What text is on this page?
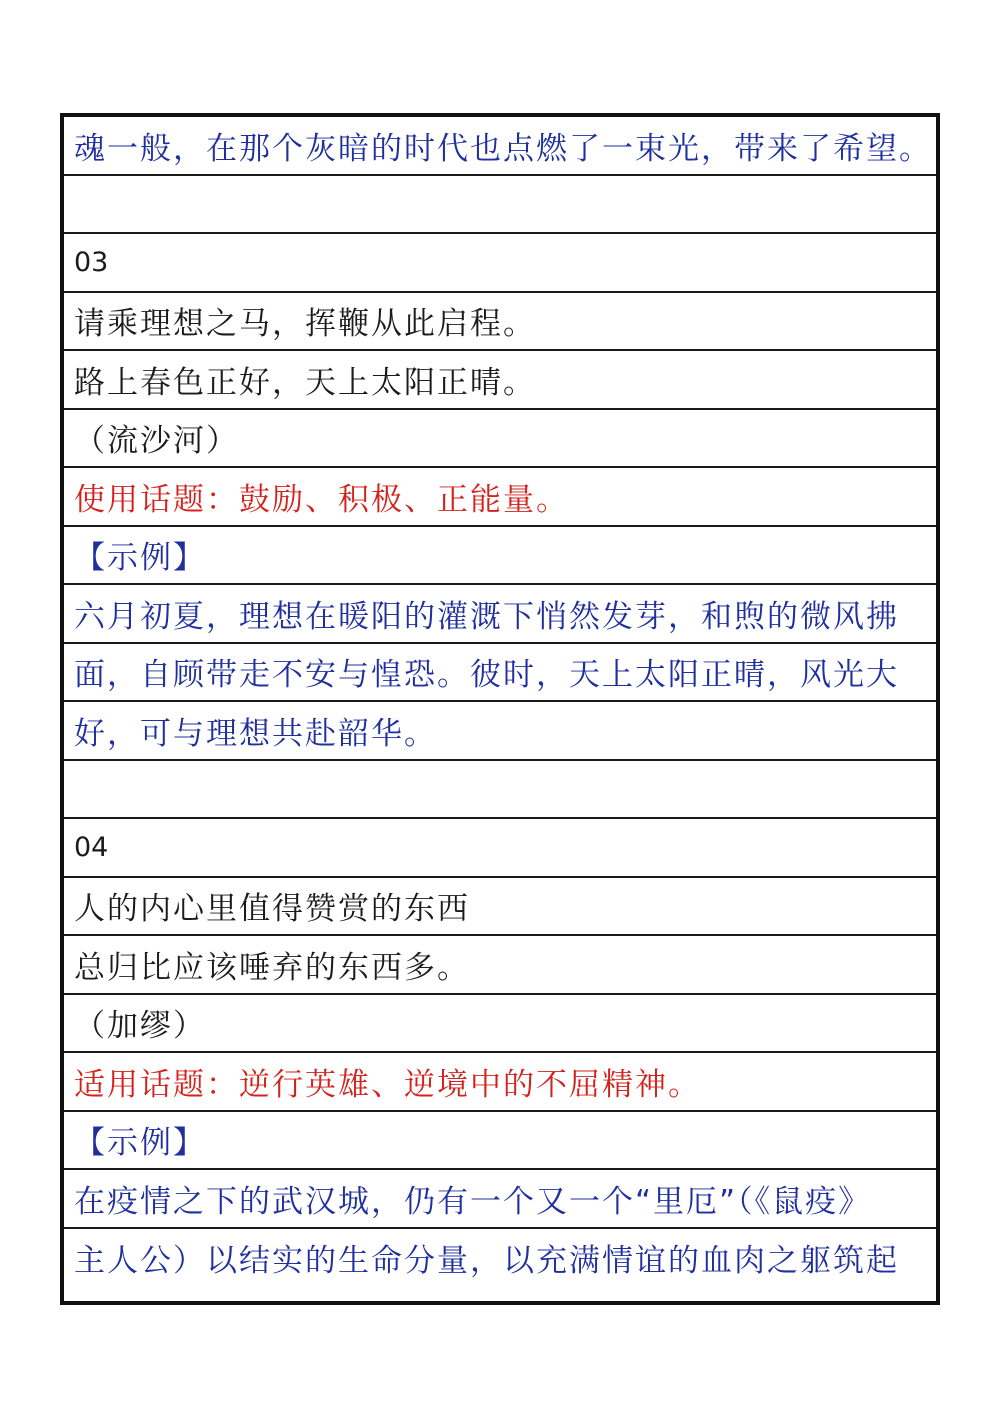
魂一般，在那个灰暗的时代也点燃了一束光，带来了希望。
03
请乘理想之马，挥鞭从此启程。
路上春色正好，天上太阳正晴。
（流沙河）
使用话题：鼓励、积极、正能量。
【示例】
六月初夏，理想在暖阳的灌溉下悄然发芽，和煦的微风拂
面，自顾带走不安与惶恐。彼时，天上太阳正晴，风光大
好，可与理想共赴韶华。
04
人的内心里值得赞赏的东西
总归比应该唾弃的东西多。
（加缪）
适用话题：逆行英雄、逆境中的不屈精神。
【示例】
在疫情之下的武汉城，仍有一个又一个“里厄”（《鼠疫》
主人公）以结实的生命分量，以充满情谊的血肉之躯筑起
